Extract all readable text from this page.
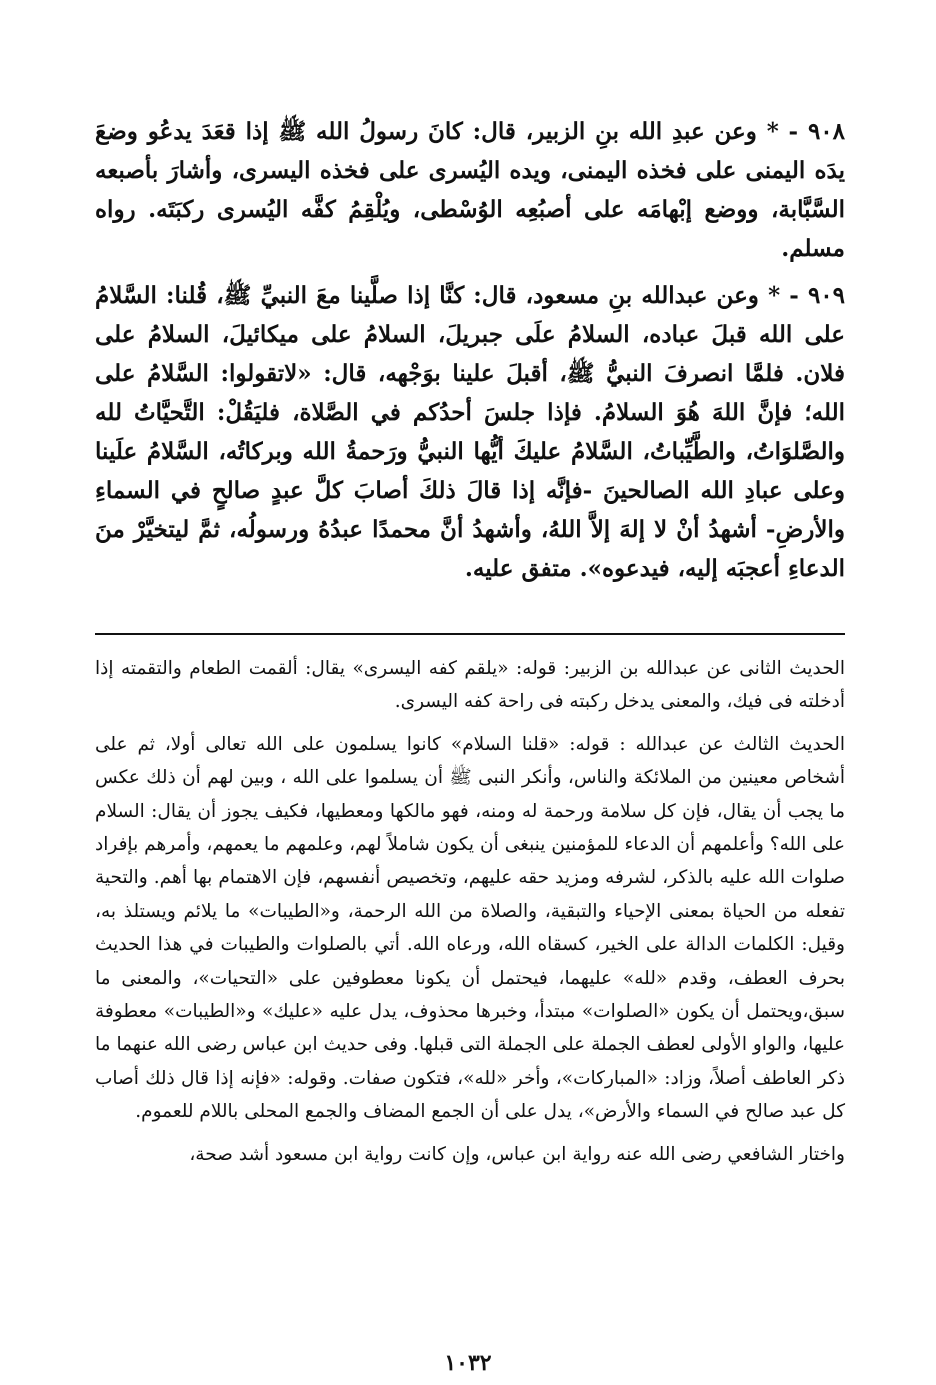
٩٠٨ - * وعن عبدِ الله بنِ الزبير، قال: كانَ رسولُ الله ﷺ إذا قعَدَ يدعُو وضعَ يدَه اليمنى على فخذه اليمنى، ويده اليُسرى على فخذه اليسرى، وأشارَ بأصبعه السَّبَّابة، ووضع إبْهامَه على أصبُعِه الوُسْطى، ويُلْقِمُ كفَّه اليُسرى ركبَتَه. رواه مسلم.

٩٠٩ - * وعن عبدالله بنِ مسعود، قال: كنَّا إذا صلَّينا معَ النبيِّ ﷺ، قُلنا: السَّلامُ على الله قبلَ عباده، السلامُ علَى جبريلَ، السلامُ على ميكائيلَ، السلامُ على فلان. فلمَّا انصرفَ النبيُّ ﷺ، أقبلَ علينا بوَجْهه، قال: «لاتقولوا: السَّلامُ على الله؛ فإنَّ اللهَ هُوَ السلامُ. فإذا جلسَ أحدُكم في الصَّلاة، فليَقُلْ: التَّحيَّاتُ لله والصَّلوَاتُ، والطَّيِّباتُ، السَّلامُ عليكَ أيُّها النبيُّ ورَحمةُ الله وبركاتُه، السَّلامُ علَينا وعلى عبادِ الله الصالحينَ -فإنَّه إذا قالَ ذلكَ أصابَ كلَّ عبدٍ صالحٍ في السماءِ والأرضِ- أشهدُ أنْ لا إلهَ إلاَّ اللهُ، وأشهدُ أنَّ محمدًا عبدُهُ ورسولُه، ثمَّ ليتخيَّرْ منَ الدعاءِ أعجبَه إليه، فيدعوه». متفق عليه.

الحديث الثانى عن عبدالله بن الزبير: قوله: «يلقم كفه اليسرى» يقال: ألقمت الطعام والتقمته إذا أدخلته فى فيك، والمعنى يدخل ركبته فى راحة كفه اليسرى.

الحديث الثالث عن عبدالله : قوله: «قلنا السلام» كانوا يسلمون على الله تعالى أولا، ثم على أشخاص معينين من الملائكة والناس، وأنكر النبى ﷺ أن يسلموا على الله ، وبين لهم أن ذلك عكس ما يجب أن يقال، فإن كل سلامة ورحمة له ومنه، فهو مالكها ومعطيها، فكيف يجوز أن يقال: السلام على الله؟ وأعلمهم أن الدعاء للمؤمنين ينبغى أن يكون شاملاً لهم، وعلمهم ما يعمهم، وأمرهم بإفراد صلوات الله عليه بالذكر، لشرفه ومزيد حقه عليهم، وتخصيص أنفسهم، فإن الاهتمام بها أهم. والتحية تفعله من الحياة بمعنى الإحياء والتبقية، والصلاة من الله الرحمة، و«الطيبات» ما يلائم ويستلذ به، وقيل: الكلمات الدالة على الخير، كسقاه الله، ورعاه الله. أتي بالصلوات والطيبات في هذا الحديث بحرف العطف، وقدم «لله» عليهما، فيحتمل أن يكونا معطوفين على «التحيات»، والمعنى ما سبق،ويحتمل أن يكون «الصلوات» مبتدأ، وخبرها محذوف، يدل عليه «عليك» و«الطيبات» معطوفة عليها، والواو الأولى لعطف الجملة على الجملة التى قبلها. وفى حديث ابن عباس رضى الله عنهما ما ذكر العاطف أصلاً، وزاد: «المباركات»، وأخر «لله»، فتكون صفات. وقوله: «فإنه إذا قال ذلك أصاب كل عبد صالح في السماء والأرض»، يدل على أن الجمع المضاف والجمع المحلى باللام للعموم.

واختار الشافعي رضى الله عنه رواية ابن عباس، وإن كانت رواية ابن مسعود أشد صحة،

١٠٣٢
